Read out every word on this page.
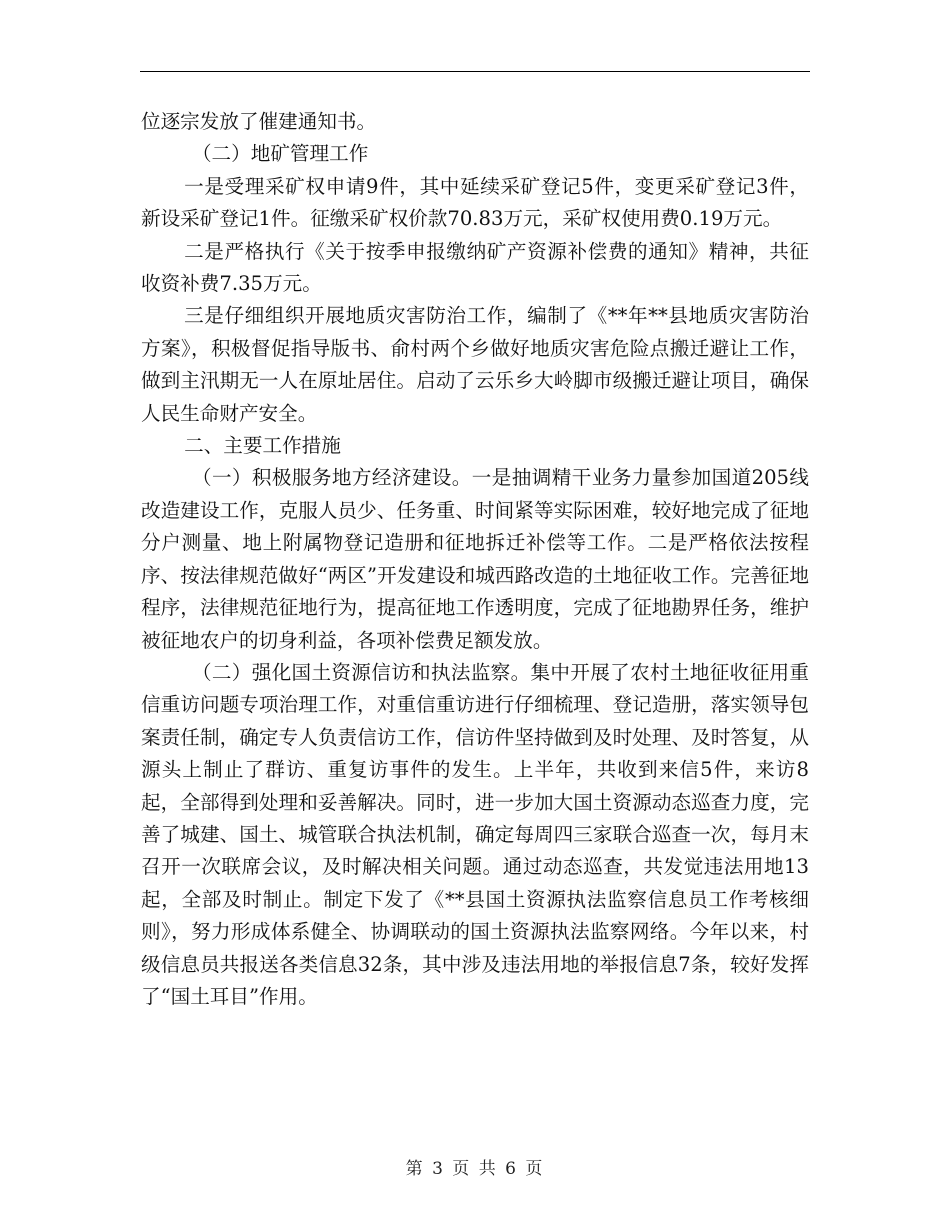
位逐宗发放了催建通知书。

（二）地矿管理工作

一是受理采矿权申请9件，其中延续采矿登记5件，变更采矿登记3件，新设采矿登记1件。征缴采矿权价款70.83万元，采矿权使用费0.19万元。

二是严格执行《关于按季申报缴纳矿产资源补偿费的通知》精神，共征收资补费7.35万元。

三是仔细组织开展地质灾害防治工作，编制了《**年**县地质灾害防治方案》，积极督促指导版书、俞村两个乡做好地质灾害危险点搬迁避让工作，做到主汛期无一人在原址居住。启动了云乐乡大岭脚市级搬迁避让项目，确保人民生命财产安全。

二、主要工作措施

（一）积极服务地方经济建设。一是抽调精干业务力量参加国道205线改造建设工作，克服人员少、任务重、时间紧等实际困难，较好地完成了征地分户测量、地上附属物登记造册和征地拆迁补偿等工作。二是严格依法按程序、按法律规范做好“两区”开发建设和城西路改造的土地征收工作。完善征地程序，法律规范征地行为，提高征地工作透明度，完成了征地勘界任务，维护被征地农户的切身利益，各项补偿费足额发放。

（二）强化国土资源信访和执法监察。集中开展了农村土地征收征用重信重访问题专项治理工作，对重信重访进行仔细梳理、登记造册，落实领导包案责任制，确定专人负责信访工作，信访件坚持做到及时处理、及时答复，从源头上制止了群访、重复访事件的发生。上半年，共收到来信5件，来访8起，全部得到处理和妥善解决。同时，进一步加大国土资源动态巡查力度，完善了城建、国土、城管联合执法机制，确定每周四三家联合巡查一次，每月末召开一次联席会议，及时解决相关问题。通过动态巡查，共发觉违法用地13起，全部及时制止。制定下发了《**县国土资源执法监察信息员工作考核细则》，努力形成体系健全、协调联动的国土资源执法监察网络。今年以来，村级信息员共报送各类信息32条，其中涉及违法用地的举报信息7条，较好发挥了“国土耳目”作用。

第 3 页 共 6 页
